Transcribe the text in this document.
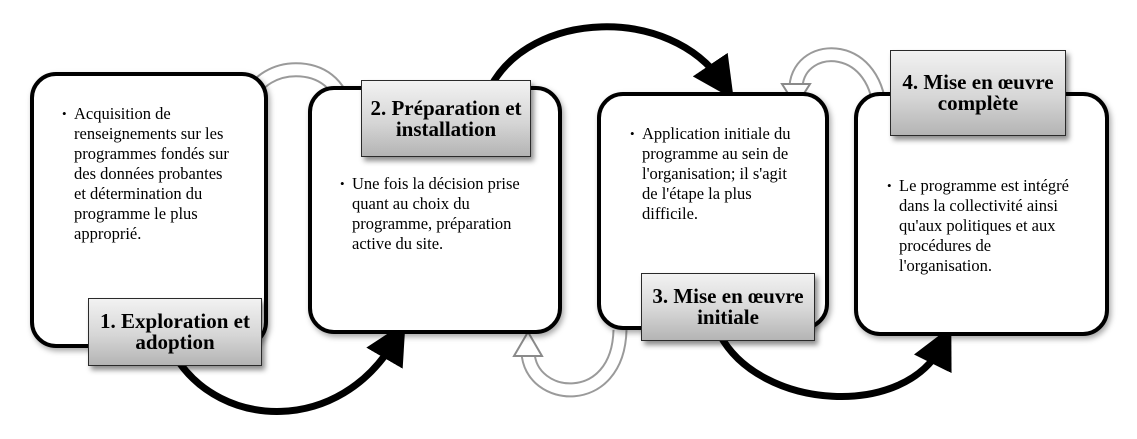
• Acquisition de renseignements sur les programmes fondés sur des données probantes et détermination du programme le plus approprié.
1. Exploration et adoption
2. Préparation et installation
• Une fois la décision prise quant au choix du programme, préparation active du site.
• Application initiale du programme au sein de l'organisation; il s'agit de l'étape la plus difficile.
3. Mise en œuvre initiale
4. Mise en œuvre complète
• Le programme est intégré dans la collectivité ainsi qu'aux politiques et aux procédures de l'organisation.
